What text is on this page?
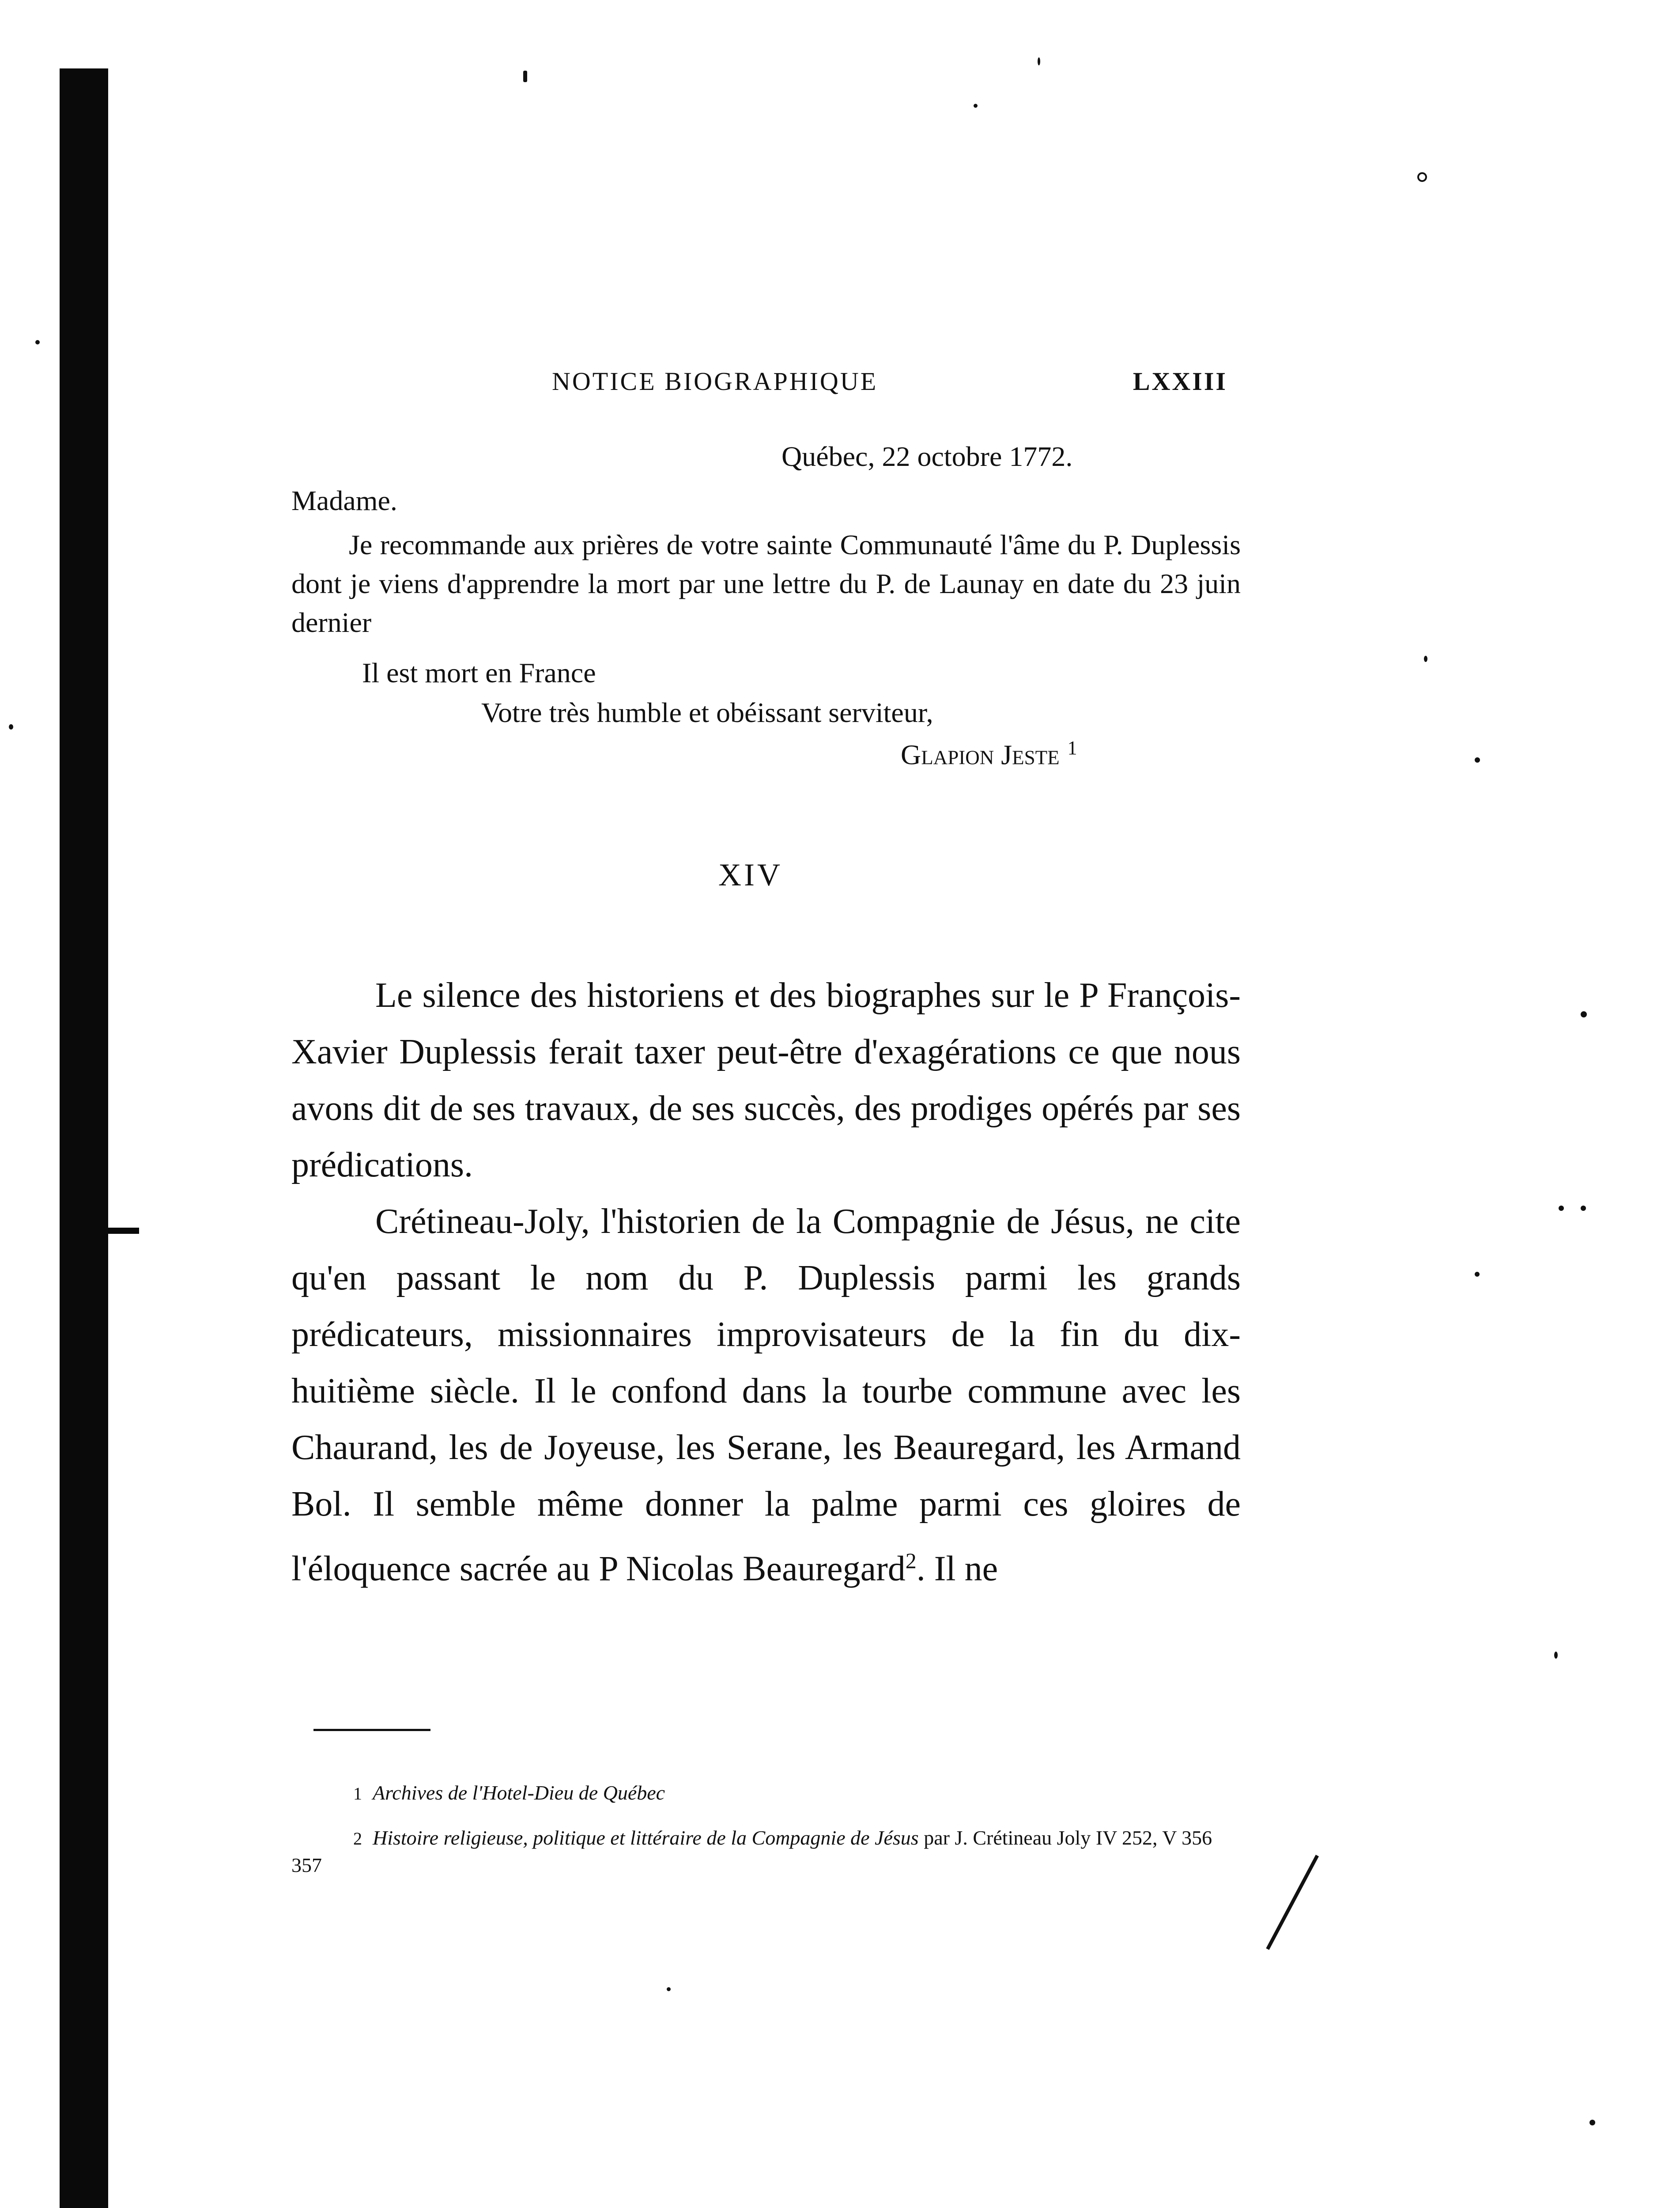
NOTICE BIOGRAPHIQUE	LXXIII
Québec, 22 octobre 1772.
Madame.
Je recommande aux prières de votre sainte Communauté l'âme du P. Duplessis dont je viens d'apprendre la mort par une lettre du P. de Launay en date du 23 juin dernier
Il est mort en France
Votre très humble et obéissant serviteur,
Glapion Jeste $^1$
XIV

Le silence des historiens et des biographes sur le P François-Xavier Duplessis ferait taxer peut-être d'exagérations ce que nous avons dit de ses travaux, de ses succès, des prodiges opérés par ses prédications.

Crétineau-Joly, l'historien de la Compagnie de Jésus, ne cite qu'en passant le nom du P. Duplessis parmi les grands prédicateurs, missionnaires improvisateurs de la fin du dix-huitième siècle. Il le confond dans la tourbe commune avec les Chaurand, les de Joyeuse, les Serane, les Beauregard, les Armand Bol. Il semble même donner la palme parmi ces gloires de l'éloquence sacrée au P Nicolas Beauregard$^2$. Il ne

1 Archives de l'Hotel-Dieu de Québec
2 Histoire religieuse, politique et littéraire de la Compagnie de Jésus par J. Crétineau Joly IV 252, V 356 357
